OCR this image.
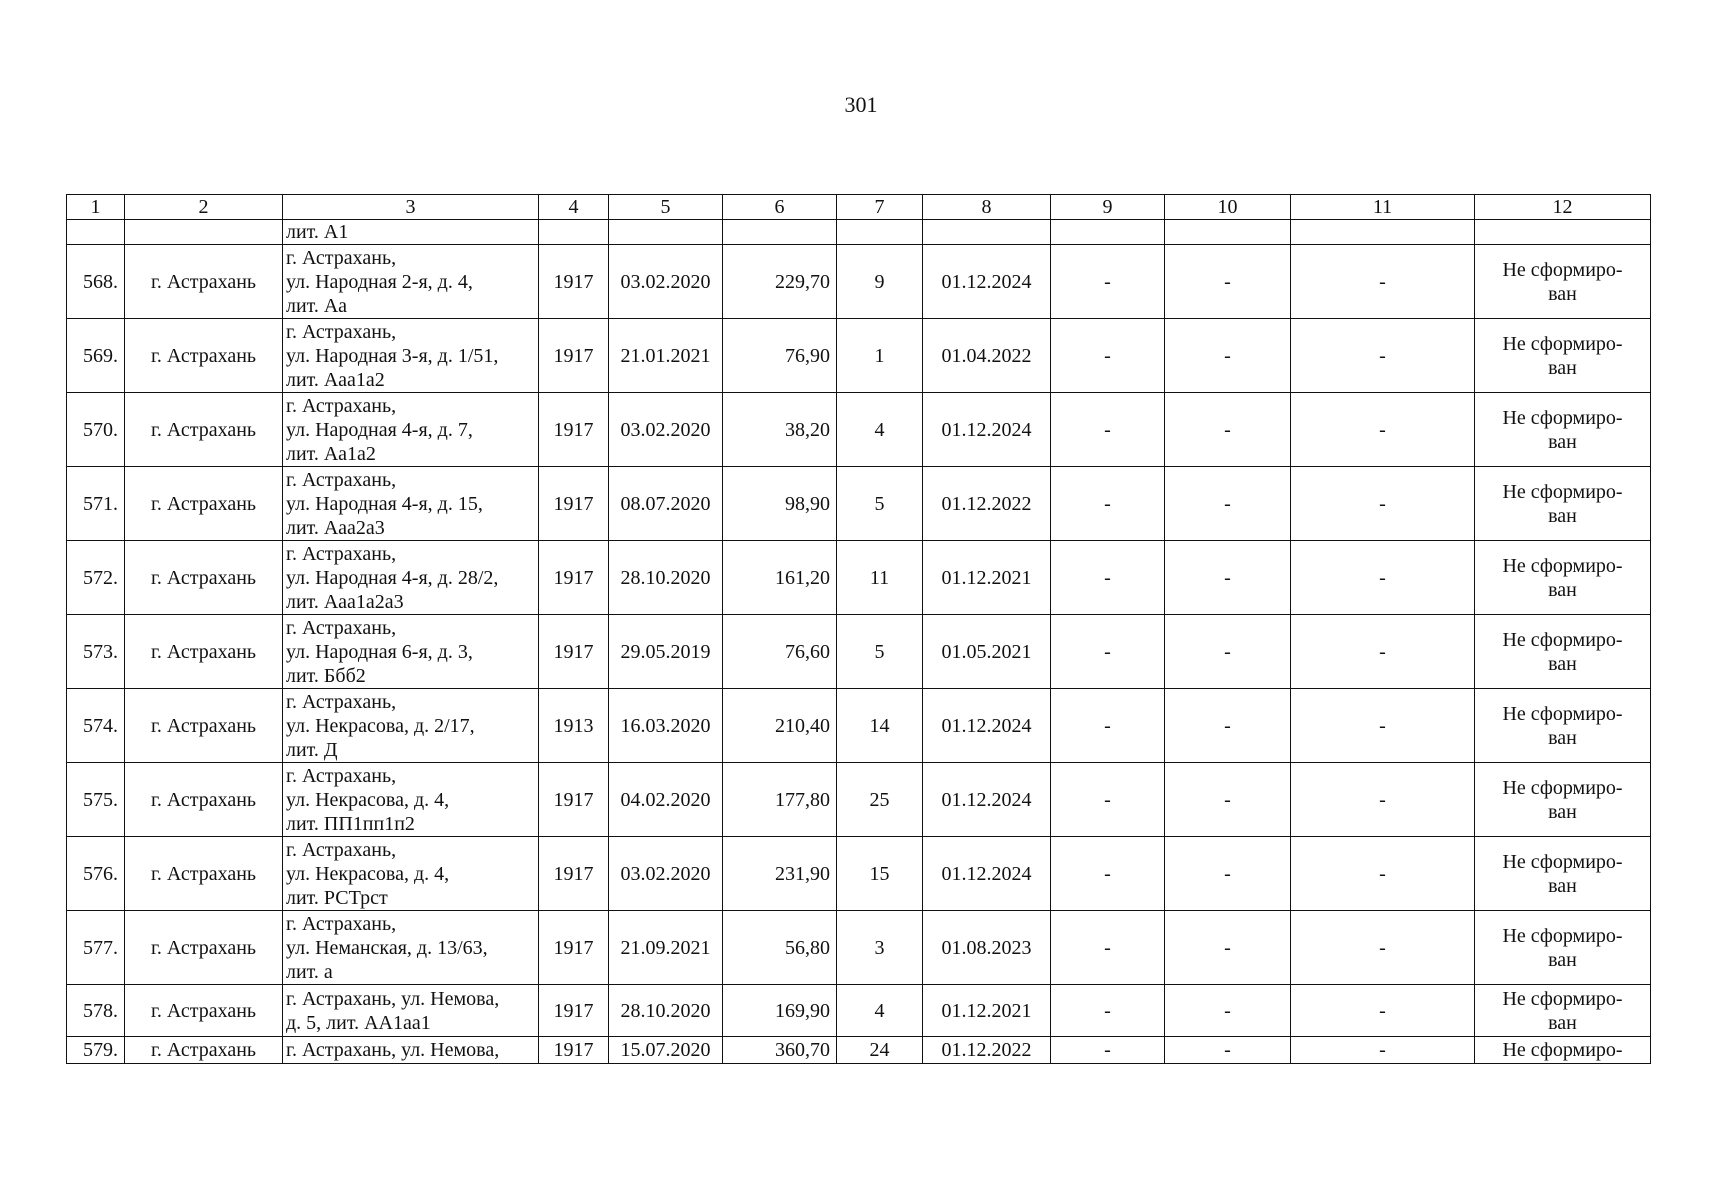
301
1	2	3	4	5	6	7	8	9	10	11	12
		лит. А1									
568.	г. Астрахань	г. Астрахань,
ул. Народная 2-я, д. 4,
лит. Аа	1917	03.02.2020	229,70	9	01.12.2024	-	-	-	Не сформиро-
ван

569.	г. Астрахань	г. Астрахань,
ул. Народная 3-я, д. 1/51,
лит. Ааа1а2	1917	21.01.2021	76,90	1	01.04.2022	-	-	-	Не сформиро-
ван

570.	г. Астрахань	г. Астрахань,
ул. Народная 4-я, д. 7,
лит. Аа1а2	1917	03.02.2020	38,20	4	01.12.2024	-	-	-	Не сформиро-
ван

571.	г. Астрахань	г. Астрахань,
ул. Народная 4-я, д. 15,
лит. Ааа2а3	1917	08.07.2020	98,90	5	01.12.2022	-	-	-	Не сформиро-
ван

572.	г. Астрахань	г. Астрахань,
ул. Народная 4-я, д. 28/2,
лит. Ааа1а2а3	1917	28.10.2020	161,20	11	01.12.2021	-	-	-	Не сформиро-
ван

573.	г. Астрахань	г. Астрахань,
ул. Народная 6-я, д. 3,
лит. Ббб2	1917	29.05.2019	76,60	5	01.05.2021	-	-	-	Не сформиро-
ван

574.	г. Астрахань	г. Астрахань,
ул. Некрасова, д. 2/17,
лит. Д	1913	16.03.2020	210,40	14	01.12.2024	-	-	-	Не сформиро-
ван

575.	г. Астрахань	г. Астрахань,
ул. Некрасова, д. 4,
лит. ПП1пп1п2	1917	04.02.2020	177,80	25	01.12.2024	-	-	-	Не сформиро-
ван

576.	г. Астрахань	г. Астрахань,
ул. Некрасова, д. 4,
лит. РСТрст	1917	03.02.2020	231,90	15	01.12.2024	-	-	-	Не сформиро-
ван

577.	г. Астрахань	г. Астрахань,
ул. Неманская, д. 13/63,
лит. а	1917	21.09.2021	56,80	3	01.08.2023	-	-	-	Не сформиро-
ван

578.	г. Астрахань	г. Астрахань, ул. Немова,
д. 5, лит. АА1аа1	1917	28.10.2020	169,90	4	01.12.2021	-	-	-	Не сформиро-
ван

579.	г. Астрахань	г. Астрахань, ул. Немова,	1917	15.07.2020	360,70	24	01.12.2022	-	-	-	Не сформиро-
